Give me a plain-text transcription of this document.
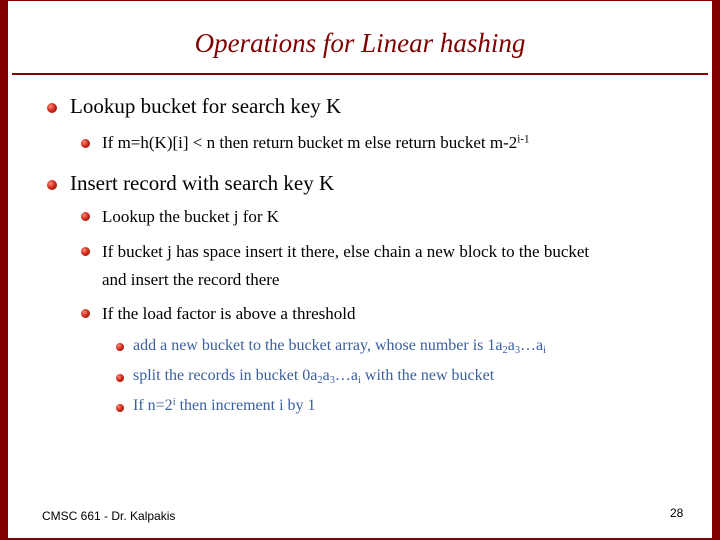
Operations for Linear hashing
Lookup bucket for search key K
If m=h(K)[i] < n then return bucket m else return bucket m-2$^{i-1}$
Insert record with search key K
Lookup the bucket j for K
If bucket j has space insert it there, else chain a new block to the bucket
and insert the record there
If the load factor is above a threshold
add a new bucket to the bucket array, whose number is $1a_2a_3\dots a_i$
split the records in bucket $0a_2a_3\dots a_i$ with the new bucket
If $n=2^i$ then increment i by 1
CMSC 661 - Dr. Kalpakis	28
